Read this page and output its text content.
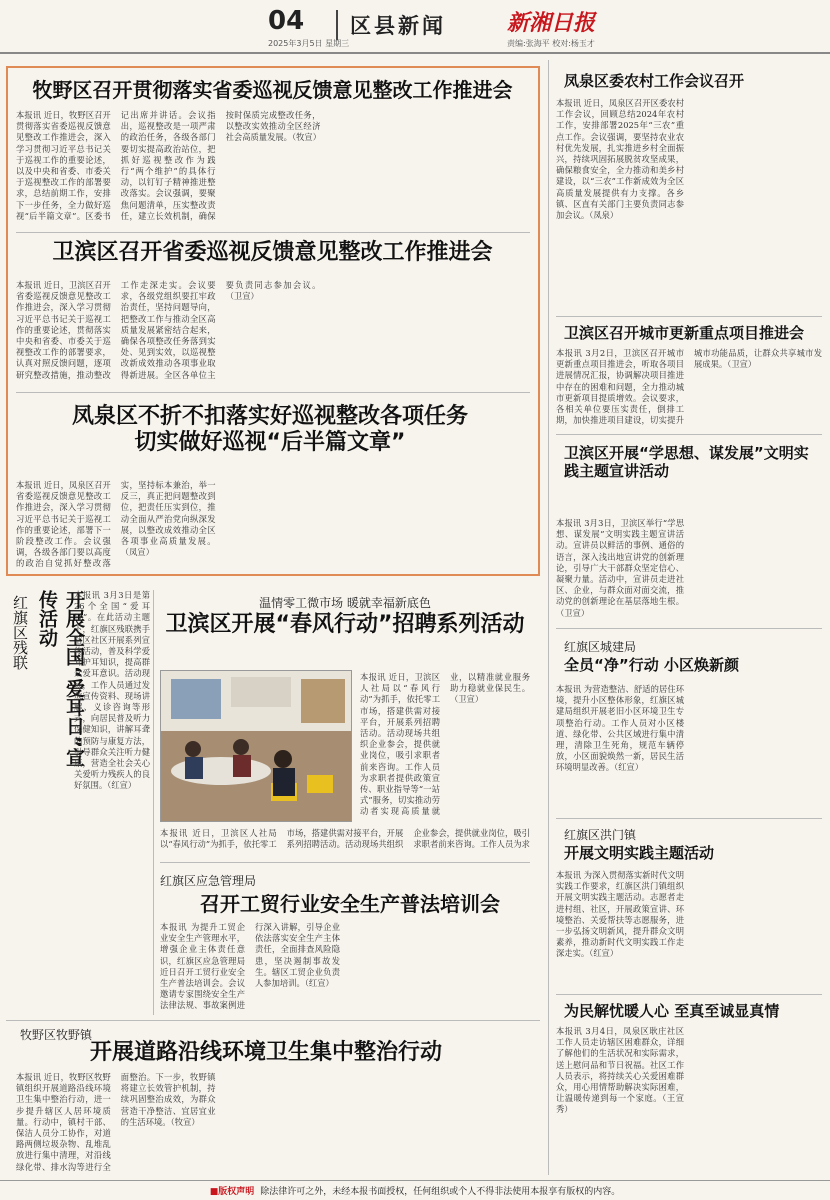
04 区县新闻
2025年3月5日 星期三
新湘日报
责编:张海平 校对:杨玉才
牧野区召开贯彻落实省委巡视反馈意见整改工作推进会
本报讯 近日，牧野区召开贯彻落实省委巡视反馈意见整改工作推进会，深入学习贯彻习近平总书记关于巡视工作的重要论述，以及中央和省委、市委关于巡视整改工作的部署要求，总结前期工作，安排下一步任务，全力做好巡视“后半篇文章”。区委书记出席并讲话。会议指出，巡视整改是一项严肃的政治任务，各级各部门要切实提高政治站位，把抓好巡视整改作为践行“两个维护”的具体行动，以钉钉子精神推进整改落实。会议强调，要聚焦问题清单，压实整改责任，建立长效机制，确保按时保质完成整改任务，以整改实效推动全区经济社会高质量发展。（牧宣）
卫滨区召开省委巡视反馈意见整改工作推进会
本报讯 近日，卫滨区召开省委巡视反馈意见整改工作推进会，深入学习贯彻习近平总书记关于巡视工作的重要论述，贯彻落实中央和省委、市委关于巡视整改工作的部署要求，认真对照反馈问题，逐项研究整改措施，推动整改工作走深走实。会议要求，各级党组织要扛牢政治责任，坚持问题导向，把整改工作与推动全区高质量发展紧密结合起来，确保各项整改任务落到实处、见到实效，以巡视整改新成效推动各项事业取得新进展。全区各单位主要负责同志参加会议。（卫宣）
凤泉区不折不扣落实好巡视整改各项任务 切实做好巡视“后半篇文章”
本报讯 近日，凤泉区召开省委巡视反馈意见整改工作推进会，深入学习贯彻习近平总书记关于巡视工作的重要论述，部署下一阶段整改工作。会议强调，各级各部门要以高度的政治自觉抓好整改落实，坚持标本兼治，举一反三，真正把问题整改到位，把责任压实到位，推动全面从严治党向纵深发展，以整改成效推动全区各项事业高质量发展。（凤宣）
红旗区残联	开展全国“爱耳日”宣传活动	本报讯 3月3日是第26个全国“爱耳日”。在此活动主题下，红旗区残联携手辖区社区开展系列宣传活动，普及科学爱耳护耳知识，提高群众爱耳意识。活动现场，工作人员通过发放宣传资料、现场讲解、义诊咨询等形式，向居民普及听力保健知识，讲解耳聋的预防与康复方法，引导群众关注听力健康，营造全社会关心关爱听力残疾人的良好氛围。（红宣）
温情零工微市场 暖就幸福新底色
卫滨区开展“春风行动”招聘系列活动
本报讯 近日，卫滨区人社局以“春风行动”为抓手，依托零工市场，搭建供需对接平台，开展系列招聘活动。活动现场共组织企业参会，提供就业岗位，吸引求职者前来咨询。工作人员为求职者提供政策宣传、职业指导等“一站式”服务，切实推动劳动者实现高质量就业，以精准就业服务助力稳就业保民生。（卫宣）
本报讯 近日，卫滨区人社局以“春风行动”为抓手，依托零工市场，搭建供需对接平台，开展系列招聘活动。活动现场共组织企业参会，提供就业岗位，吸引求职者前来咨询。工作人员为求
红旗区应急管理局
召开工贸行业安全生产普法培训会
本报讯 为提升工贸企业安全生产管理水平，增强企业主体责任意识，红旗区应急管理局近日召开工贸行业安全生产普法培训会。会议邀请专家围绕安全生产法律法规、事故案例进行深入讲解，引导企业依法落实安全生产主体责任，全面排查风险隐患，坚决遏制事故发生。辖区工贸企业负责人参加培训。（红宣）
牧野区牧野镇
开展道路沿线环境卫生集中整治行动
本报讯 近日，牧野区牧野镇组织开展道路沿线环境卫生集中整治行动，进一步提升辖区人居环境质量。行动中，镇村干部、保洁人员分工协作，对道路两侧垃圾杂物、乱堆乱放进行集中清理，对沿线绿化带、排水沟等进行全面整治。下一步，牧野镇将建立长效管护机制，持续巩固整治成效，为群众营造干净整洁、宜居宜业的生活环境。（牧宣）
凤泉区委农村工作会议召开
本报讯 近日，凤泉区召开区委农村工作会议，回顾总结2024年农村工作，安排部署2025年“三农”重点工作。会议强调，要坚持农业农村优先发展，扎实推进乡村全面振兴，持续巩固拓展脱贫攻坚成果，确保粮食安全，全力推动和美乡村建设，以“三农”工作新成效为全区高质量发展提供有力支撑。各乡镇、区直有关部门主要负责同志参加会议。（凤泉）
卫滨区召开城市更新重点项目推进会
本报讯 3月2日，卫滨区召开城市更新重点项目推进会，听取各项目进展情况汇报，协调解决项目推进中存在的困难和问题，全力推动城市更新项目提质增效。会议要求，各相关单位要压实责任，倒排工期，加快推进项目建设，切实提升城市功能品质，让群众共享城市发展成果。（卫宣）
卫滨区开展“学思想、谋发展”文明实践主题宣讲活动
本报讯 3月3日，卫滨区举行“学思想、谋发展”文明实践主题宣讲活动。宣讲员以鲜活的事例、通俗的语言，深入浅出地宣讲党的创新理论，引导广大干部群众坚定信心、凝聚力量。活动中，宣讲员走进社区、企业，与群众面对面交流，推动党的创新理论在基层落地生根。（卫宣）
红旗区城建局
全员“净”行动 小区焕新颜
本报讯 为营造整洁、舒适的居住环境，提升小区整体形象，红旗区城建局组织开展老旧小区环境卫生专项整治行动。工作人员对小区楼道、绿化带、公共区域进行集中清理，清除卫生死角，规范车辆停放，小区面貌焕然一新，居民生活环境明显改善。（红宣）
红旗区洪门镇
开展文明实践主题活动
本报讯 为深入贯彻落实新时代文明实践工作要求，红旗区洪门镇组织开展文明实践主题活动。志愿者走进村组、社区，开展政策宣讲、环境整治、关爱帮扶等志愿服务，进一步弘扬文明新风，提升群众文明素养，推动新时代文明实践工作走深走实。（红宣）
为民解忧暖人心 至真至诚显真情
本报讯 3月4日，凤泉区耿庄社区工作人员走访辖区困难群众，详细了解他们的生活状况和实际需求，送上慰问品和节日祝福。社区工作人员表示，将持续关心关爱困难群众，用心用情帮助解决实际困难，让温暖传递到每一个家庭。（王宣秀）
■版权声明 除法律许可之外，未经本报书面授权，任何组织或个人不得非法使用本报享有版权的内容。
